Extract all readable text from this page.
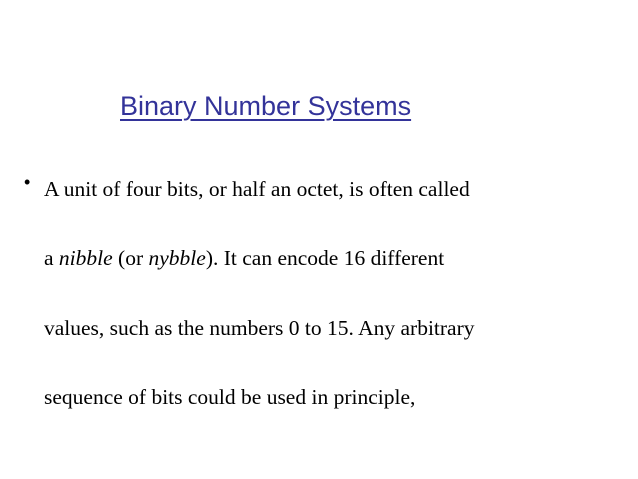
Binary Number Systems
• A unit of four bits, or half an octet, is often called
a nibble (or nybble). It can encode 16 different
values, such as the numbers 0 to 15. Any arbitrary
sequence of bits could be used in principle,
